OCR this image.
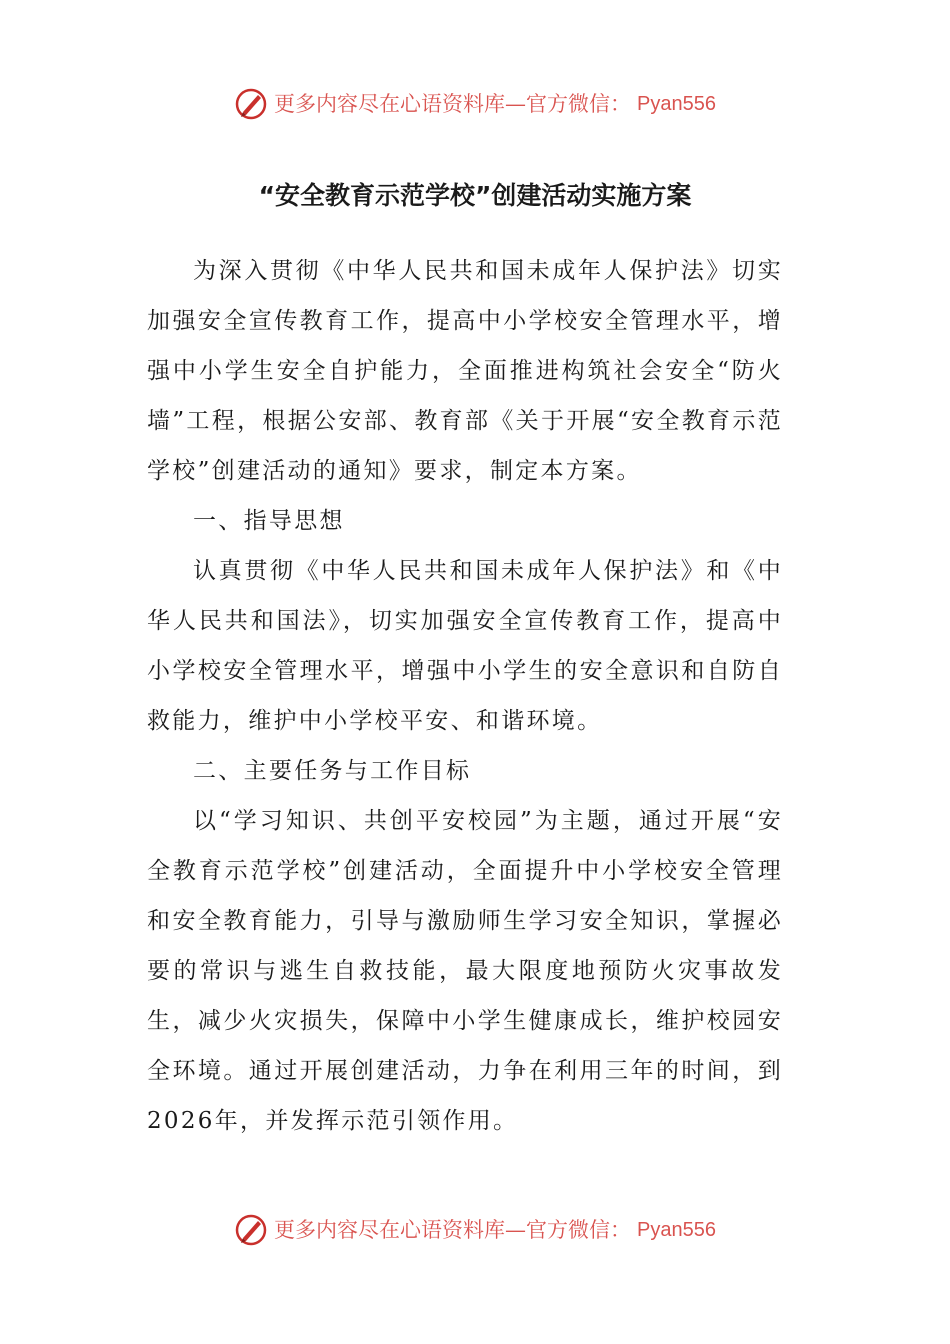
更多内容尽在心语资料库—官方微信： Pyan556
“安全教育示范学校”创建活动实施方案

为深入贯彻《中华人民共和国未成年人保护法》切实加强安全宣传教育工作，提高中小学校安全管理水平，增强中小学生安全自护能力，全面推进构筑社会安全“防火墙”工程，根据公安部、教育部《关于开展“安全教育示范学校”创建活动的通知》要求，制定本方案。

一、指导思想

认真贯彻《中华人民共和国未成年人保护法》和《中华人民共和国法》，切实加强安全宣传教育工作，提高中小学校安全管理水平，增强中小学生的安全意识和自防自救能力，维护中小学校平安、和谐环境。

二、主要任务与工作目标

以“学习知识、共创平安校园”为主题，通过开展“安全教育示范学校”创建活动，全面提升中小学校安全管理和安全教育能力，引导与激励师生学习安全知识，掌握必要的常识与逃生自救技能，最大限度地预防火灾事故发生，减少火灾损失，保障中小学生健康成长，维护校园安全环境。通过开展创建活动，力争在利用三年的时间，到2026年，并发挥示范引领作用。

更多内容尽在心语资料库—官方微信： Pyan556
